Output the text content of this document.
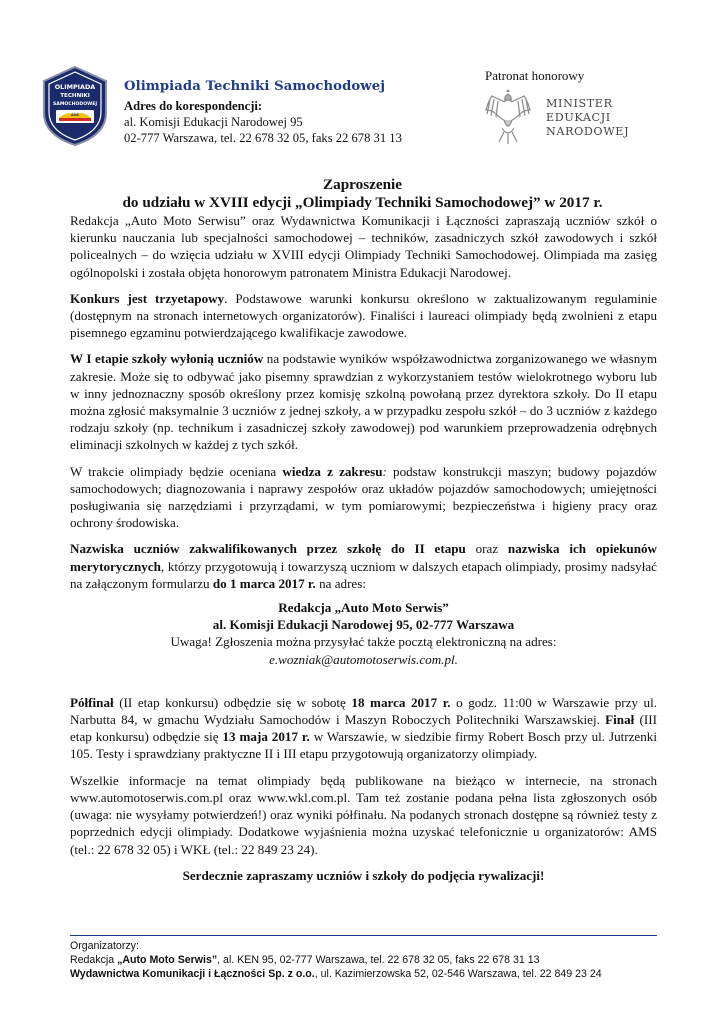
OLIMPIADA
TECHNIKI
SAMOCHODOWEJ
AMS
Olimpiada Techniki Samochodowej
Adres do korespondencji:
al. Komisji Edukacji Narodowej 95
02-777 Warszawa, tel. 22 678 32 05, faks 22 678 31 13
Patronat honorowy
MINISTER
EDUKACJI
NARODOWEJ
Zaproszenie
do udziału w XVIII edycji „Olimpiady Techniki Samochodowej” w 2017 r.

Redakcja „Auto Moto Serwisu” oraz Wydawnictwa Komunikacji i Łączności zapraszają uczniów szkół o kierunku nauczania lub specjalności samochodowej – techników, zasadniczych szkół zawodowych i szkół policealnych – do wzięcia udziału w XVIII edycji Olimpiady Techniki Samochodowej. Olimpiada ma zasięg ogólnopolski i została objęta honorowym patronatem Ministra Edukacji Narodowej.

Konkurs jest trzyetapowy. Podstawowe warunki konkursu określono w zaktualizowanym regulaminie (dostępnym na stronach internetowych organizatorów). Finaliści i laureaci olimpiady będą zwolnieni z etapu pisemnego egzaminu potwierdzającego kwalifikacje zawodowe.

W I etapie szkoły wyłonią uczniów na podstawie wyników współzawodnictwa zorganizowanego we własnym zakresie. Może się to odbywać jako pisemny sprawdzian z wykorzystaniem testów wielokrotnego wyboru lub w inny jednoznaczny sposób określony przez komisję szkolną powołaną przez dyrektora szkoły. Do II etapu można zgłosić maksymalnie 3 uczniów z jednej szkoły, a w przypadku zespołu szkół – do 3 uczniów z każdego rodzaju szkoły (np. technikum i zasadniczej szkoły zawodowej) pod warunkiem przeprowadzenia odrębnych eliminacji szkolnych w każdej z tych szkół.

W trakcie olimpiady będzie oceniana wiedza z zakresu: podstaw konstrukcji maszyn; budowy pojazdów samochodowych; diagnozowania i naprawy zespołów oraz układów pojazdów samochodowych; umiejętności posługiwania się narzędziami i przyrządami, w tym pomiarowymi; bezpieczeństwa i higieny pracy oraz ochrony środowiska.

Nazwiska uczniów zakwalifikowanych przez szkołę do II etapu oraz nazwiska ich opiekunów merytorycznych, którzy przygotowują i towarzyszą uczniom w dalszych etapach olimpiady, prosimy nadsyłać na załączonym formularzu do 1 marca 2017 r. na adres:

Redakcja „Auto Moto Serwis”
al. Komisji Edukacji Narodowej 95, 02-777 Warszawa
Uwaga! Zgłoszenia można przysyłać także pocztą elektroniczną na adres:
e.wozniak@automotoserwis.com.pl.

Półfinał (II etap konkursu) odbędzie się w sobotę 18 marca 2017 r. o godz. 11:00 w Warszawie przy ul. Narbutta 84, w gmachu Wydziału Samochodów i Maszyn Roboczych Politechniki Warszawskiej. Finał (III etap konkursu) odbędzie się 13 maja 2017 r. w Warszawie, w siedzibie firmy Robert Bosch przy ul. Jutrzenki 105. Testy i sprawdziany praktyczne II i III etapu przygotowują organizatorzy olimpiady.

Wszelkie informacje na temat olimpiady będą publikowane na bieżąco w internecie, na stronach www.automotoserwis.com.pl oraz www.wkl.com.pl. Tam też zostanie podana pełna lista zgłoszonych osób (uwaga: nie wysyłamy potwierdzeń!) oraz wyniki półfinału. Na podanych stronach dostępne są również testy z poprzednich edycji olimpiady. Dodatkowe wyjaśnienia można uzyskać telefonicznie u organizatorów: AMS (tel.: 22 678 32 05) i WKŁ (tel.: 22 849 23 24).

Serdecznie zapraszamy uczniów i szkoły do podjęcia rywalizacji!

Organizatorzy:
Redakcja „Auto Moto Serwis”, al. KEN 95, 02-777 Warszawa, tel. 22 678 32 05, faks 22 678 31 13
Wydawnictwa Komunikacji i Łączności Sp. z o.o., ul. Kazimierzowska 52, 02-546 Warszawa, tel. 22 849 23 24
